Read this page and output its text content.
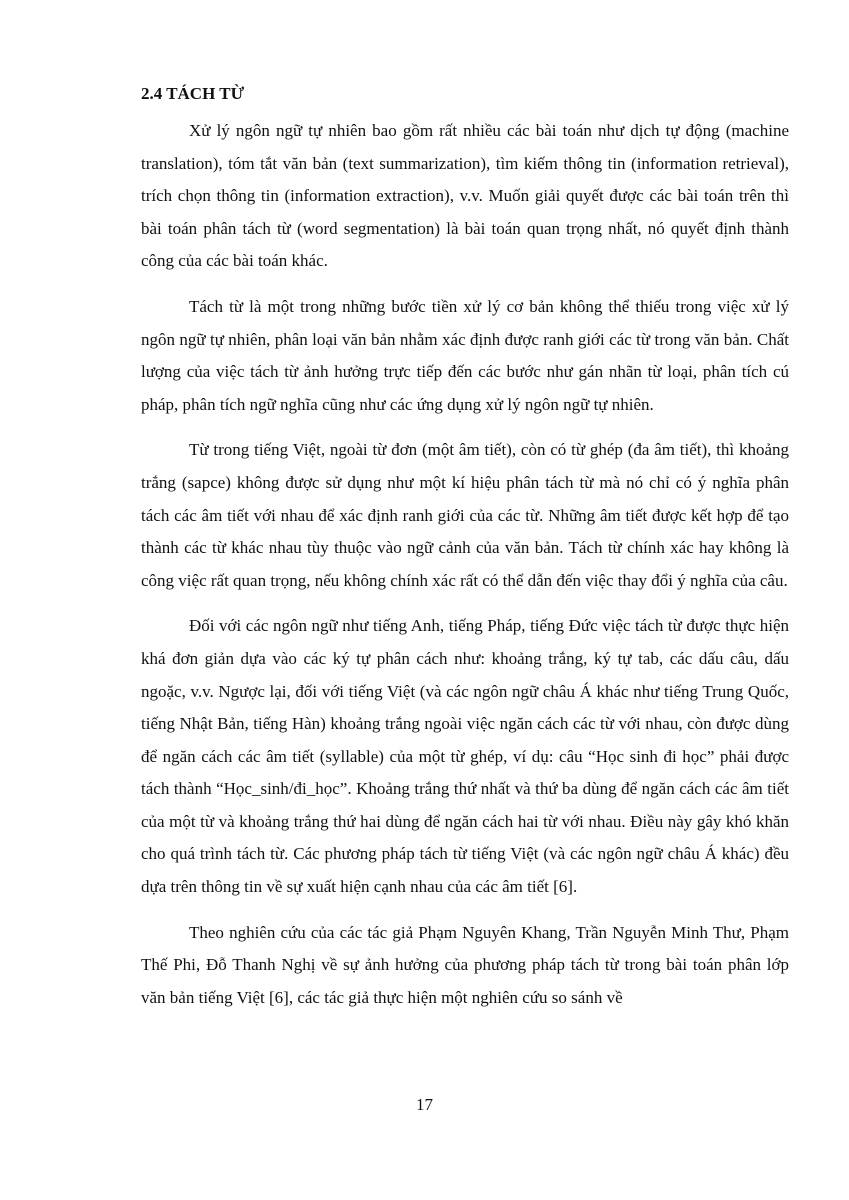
2.4 TÁCH TỪ

Xử lý ngôn ngữ tự nhiên bao gồm rất nhiều các bài toán như dịch tự động (machine translation), tóm tắt văn bản (text summarization), tìm kiếm thông tin (information retrieval), trích chọn thông tin (information extraction), v.v. Muốn giải quyết được các bài toán trên thì bài toán phân tách từ (word segmentation) là bài toán quan trọng nhất, nó quyết định thành công của các bài toán khác.

Tách từ là một trong những bước tiền xử lý cơ bản không thể thiếu trong việc xử lý ngôn ngữ tự nhiên, phân loại văn bản nhằm xác định được ranh giới các từ trong văn bản. Chất lượng của việc tách từ ảnh hưởng trực tiếp đến các bước như gán nhãn từ loại, phân tích cú pháp, phân tích ngữ nghĩa cũng như các ứng dụng xử lý ngôn ngữ tự nhiên.

Từ trong tiếng Việt, ngoài từ đơn (một âm tiết), còn có từ ghép (đa âm tiết), thì khoảng trắng (sapce) không được sử dụng như một kí hiệu phân tách từ mà nó chỉ có ý nghĩa phân tách các âm tiết với nhau để xác định ranh giới của các từ. Những âm tiết được kết hợp để tạo thành các từ khác nhau tùy thuộc vào ngữ cảnh của văn bản. Tách từ chính xác hay không là công việc rất quan trọng, nếu không chính xác rất có thể dẫn đến việc thay đổi ý nghĩa của câu.

Đối với các ngôn ngữ như tiếng Anh, tiếng Pháp, tiếng Đức việc tách từ được thực hiện khá đơn giản dựa vào các ký tự phân cách như: khoảng trắng, ký tự tab, các dấu câu, dấu ngoặc, v.v. Ngược lại, đối với tiếng Việt (và các ngôn ngữ châu Á khác như tiếng Trung Quốc, tiếng Nhật Bản, tiếng Hàn) khoảng trắng ngoài việc ngăn cách các từ với nhau, còn được dùng để ngăn cách các âm tiết (syllable) của một từ ghép, ví dụ: câu “Học sinh đi học” phải được tách thành “Học_sinh/đi_học”. Khoảng trắng thứ nhất và thứ ba dùng để ngăn cách các âm tiết của một từ và khoảng trắng thứ hai dùng để ngăn cách hai từ với nhau. Điều này gây khó khăn cho quá trình tách từ. Các phương pháp tách từ tiếng Việt (và các ngôn ngữ châu Á khác) đều dựa trên thông tin về sự xuất hiện cạnh nhau của các âm tiết [6].

Theo nghiên cứu của các tác giả Phạm Nguyên Khang, Trần Nguyễn Minh Thư, Phạm Thế Phi, Đỗ Thanh Nghị về sự ảnh hưởng của phương pháp tách từ trong bài toán phân lớp văn bản tiếng Việt [6], các tác giả thực hiện một nghiên cứu so sánh về

17
